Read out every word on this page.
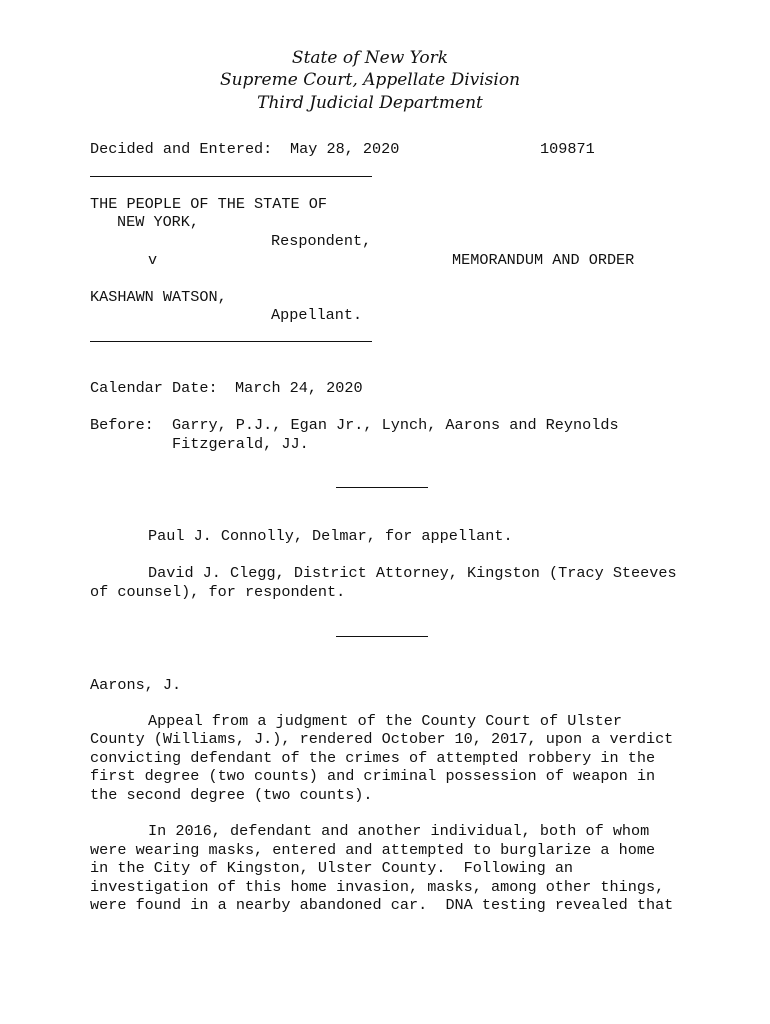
State of New York
Supreme Court, Appellate Division
Third Judicial Department
Decided and Entered: May 28, 2020	109871
THE PEOPLE OF THE STATE OF
NEW YORK,
Respondent,
v	MEMORANDUM AND ORDER
KASHAWN WATSON,
Appellant.
Calendar Date: March 24, 2020
Before: Garry, P.J., Egan Jr., Lynch, Aarons and Reynolds
Fitzgerald, JJ.
Paul J. Connolly, Delmar, for appellant.
David J. Clegg, District Attorney, Kingston (Tracy Steeves
of counsel), for respondent.
Aarons, J.
Appeal from a judgment of the County Court of Ulster
County (Williams, J.), rendered October 10, 2017, upon a verdict
convicting defendant of the crimes of attempted robbery in the
first degree (two counts) and criminal possession of weapon in
the second degree (two counts).
In 2016, defendant and another individual, both of whom
were wearing masks, entered and attempted to burglarize a home
in the City of Kingston, Ulster County.  Following an
investigation of this home invasion, masks, among other things,
were found in a nearby abandoned car.  DNA testing revealed that
